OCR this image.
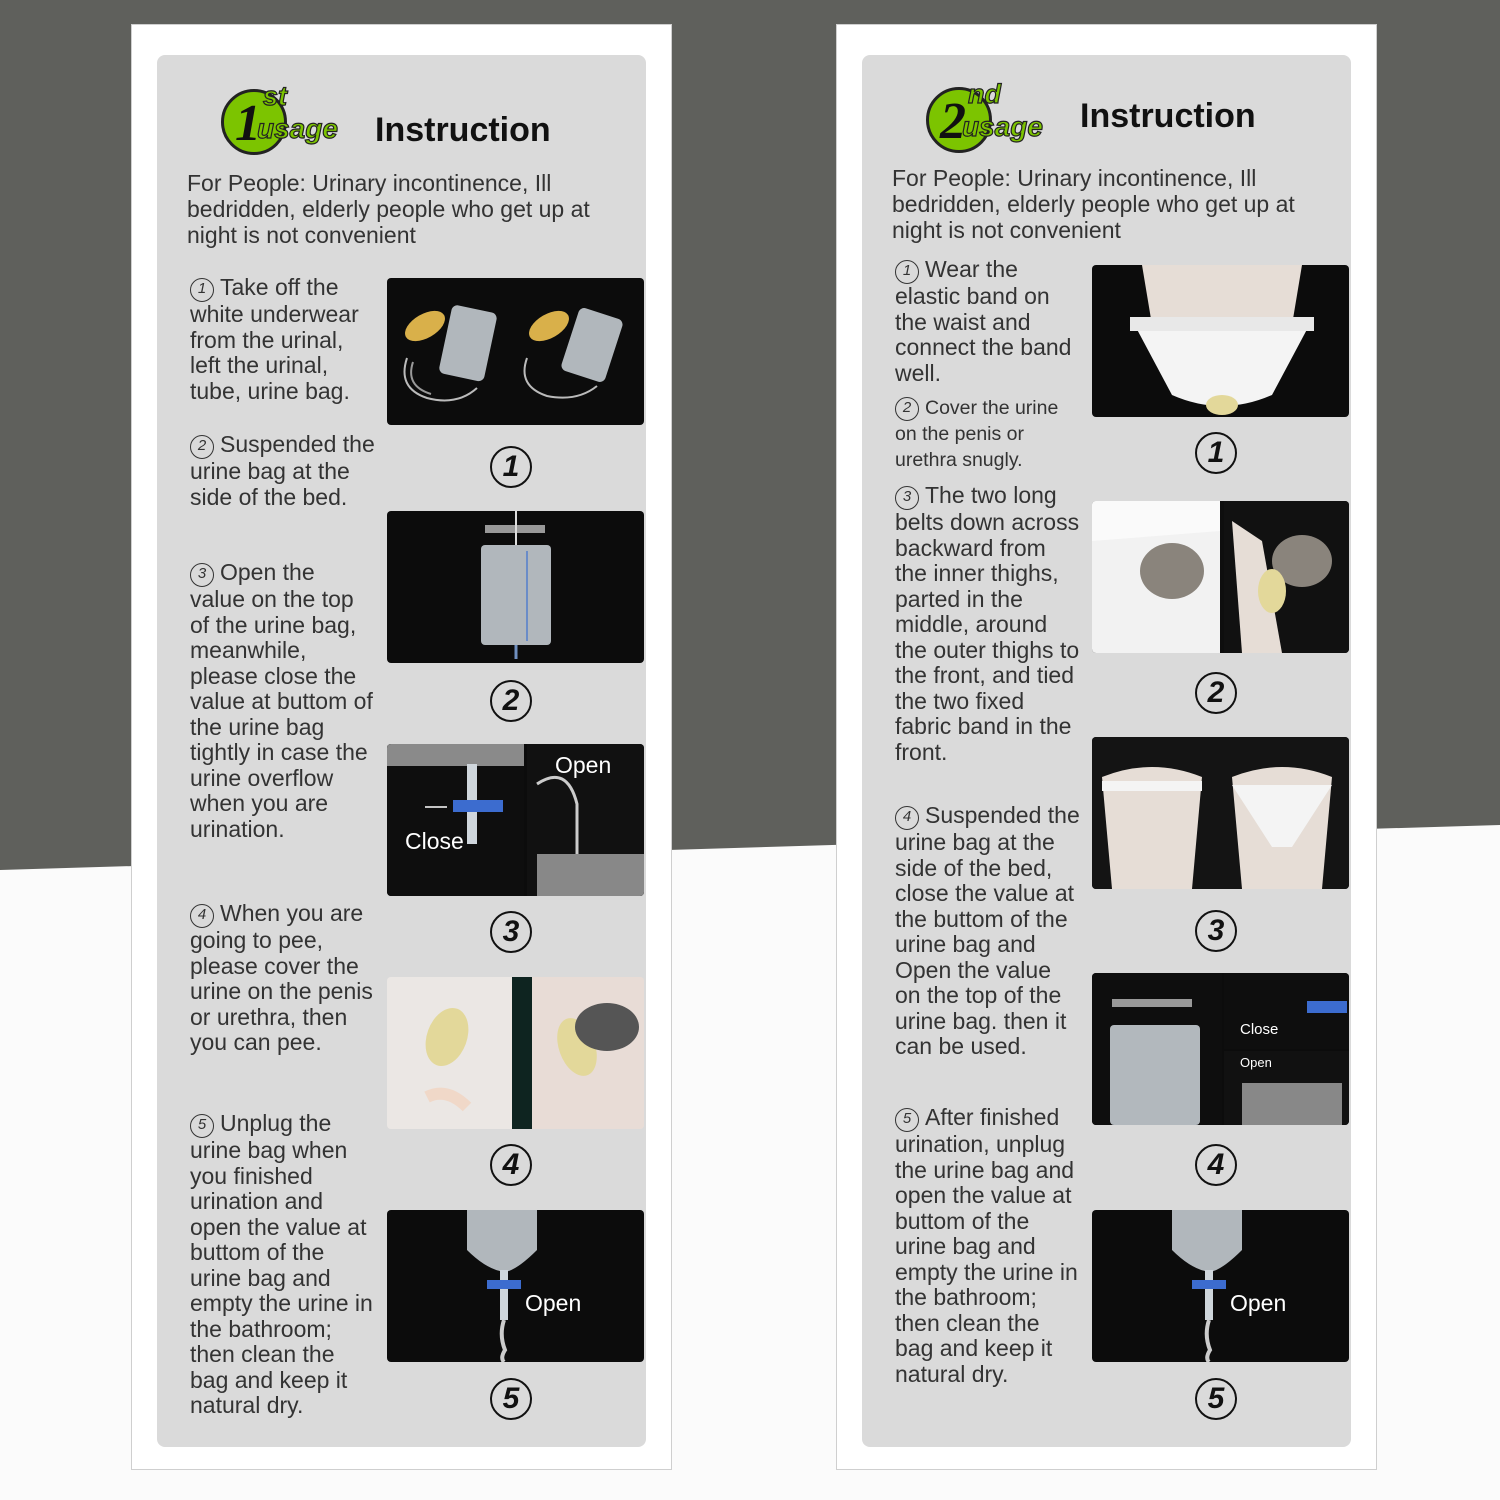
1 st
usage Instruction
For People: Urinary incontinence, Ill bedridden, elderly people who get up at night is not convenient
1 Take off the white underwear from the urinal, left the urinal, tube, urine bag.
2 Suspended the urine bag at the side of the bed.
3 Open the value on the top of the urine bag, meanwhile, please close the value at buttom of the urine bag tightly in case the urine overflow when you are urination.
4 When you are going to pee, please cover the urine on the penis or urethra, then you can pee.
5 Unplug the urine bag when you finished urination and open the value at buttom of the urine bag and empty the urine in the bathroom; then clean the bag and keep it natural dry.
1
2
Close
Open
3
4
Open
5
2 nd
usage Instruction
For People: Urinary incontinence, Ill bedridden, elderly people who get up at night is not convenient
1 Wear the elastic band on the waist and connect the band well.
2 Cover the urine on the penis or urethra snugly.
3 The two long belts down across backward from the inner thighs, parted in the middle, around the outer thighs to the front, and tied the two fixed fabric band in the front.
4 Suspended the urine bag at the side of the bed, close the value at the buttom of the urine bag and Open the value on the top of the urine bag. then it can be used.
5 After finished urination, unplug the urine bag and open the value at buttom of the urine bag and empty the urine in the bathroom; then clean the bag and keep it natural dry.
1
2
3
Close
Open
4
Open
5
